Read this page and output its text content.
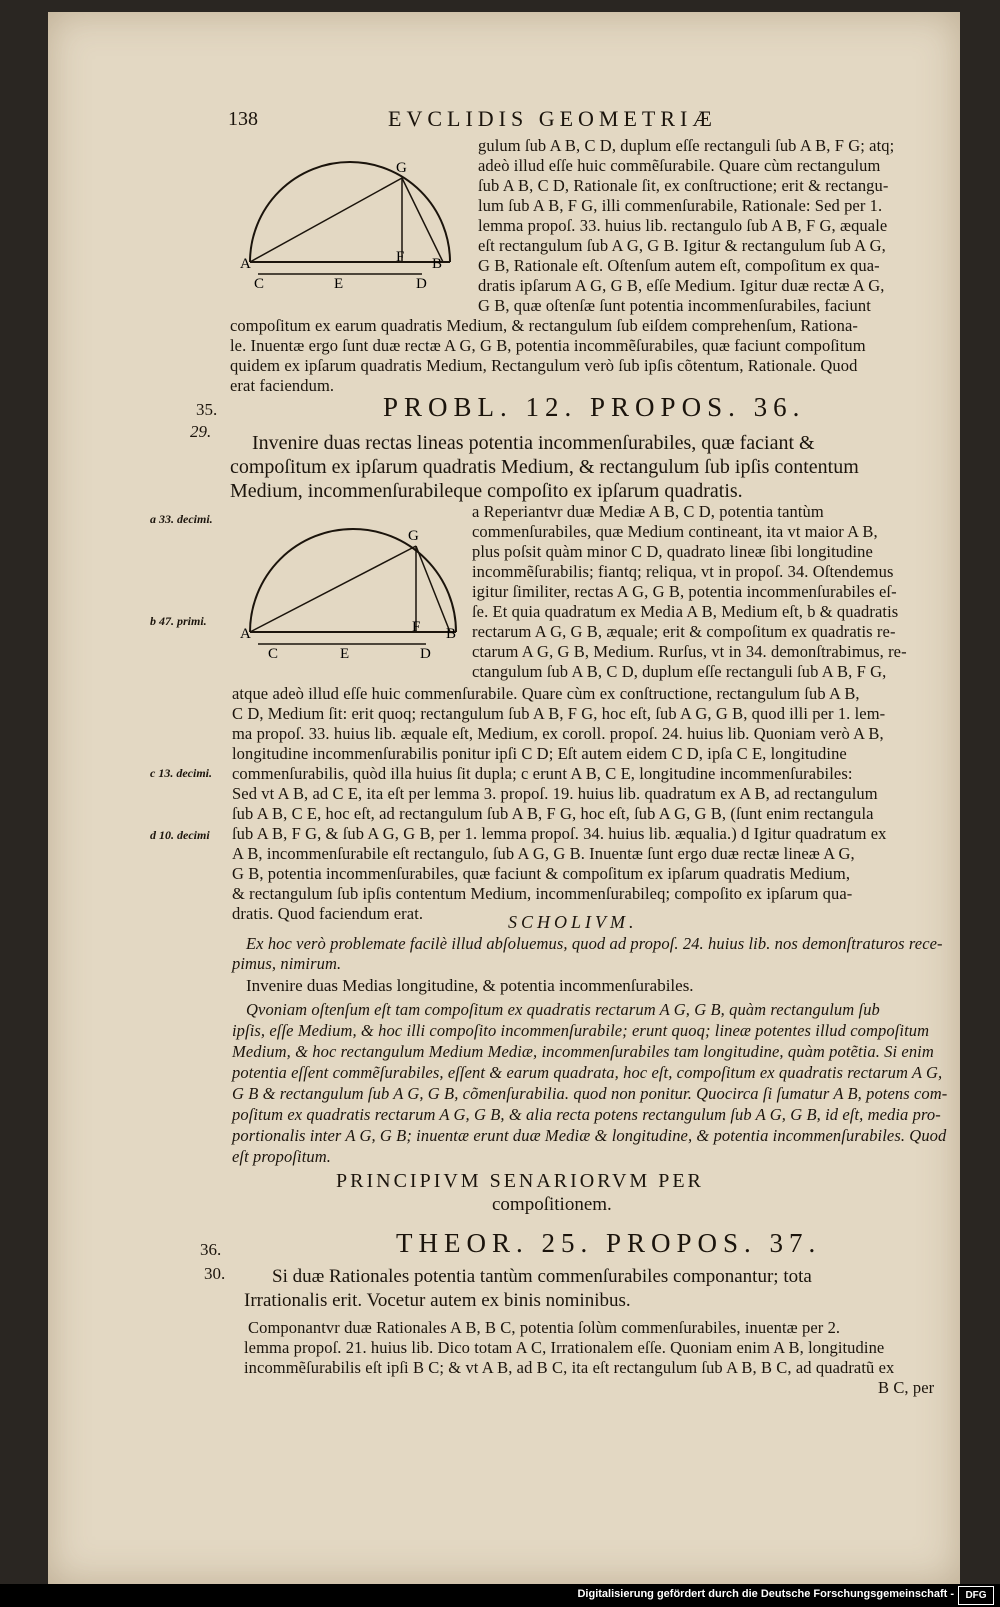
138	EVCLIDIS GEOMETRIÆ
G
A	F B
C	E	D
gulum ſub A B, C D, duplum eſſe rectanguli ſub A B, F G; atq;
adeò illud eſſe huic commẽſurabile. Quare cùm rectangulum
ſub A B, C D, Rationale ſit, ex conſtructione; erit & rectangu-
lum ſub A B, F G, illi commenſurabile, Rationale: Sed per 1.
lemma propoſ. 33. huius lib. rectangulo ſub A B, F G, æquale
eſt rectangulum ſub A G, G B. Igitur & rectangulum ſub A G,
G B, Rationale eſt. Oſtenſum autem eſt, compoſitum ex qua-
dratis ipſarum A G, G B, eſſe Medium. Igitur duæ rectæ A G,
G B, quæ oſtenſæ ſunt potentia incommenſurabiles, faciunt
compoſitum ex earum quadratis Medium, & rectangulum ſub eiſdem comprehenſum, Rationa-
le. Inuentæ ergo ſunt duæ rectæ A G, G B, potentia incommẽſurabiles, quæ faciunt compoſitum
quidem ex ipſarum quadratis Medium, Rectangulum verò ſub ipſis cõtentum, Rationale. Quod
erat faciendum.
35.
29.
PROBL. 12. PROPOS. 36.
Invenire duas rectas lineas potentia incommenſurabiles, quæ faciant &
compoſitum ex ipſarum quadratis Medium, & rectangulum ſub ipſis contentum
Medium, incommenſurabileque compoſito ex ipſarum quadratis.
a 33. decimi.
b 47. primi.
c 13. decimi.
d 10. decimi
G
A	F B
C	E	D
a Reperiantvr duæ Mediæ A B, C D, potentia tantùm
commenſurabiles, quæ Medium contineant, ita vt maior A B,
plus poſsit quàm minor C D, quadrato lineæ ſibi longitudine
incommẽſurabilis; fiantq; reliqua, vt in propoſ. 34. Oſtendemus
igitur ſimiliter, rectas A G, G B, potentia incommenſurabiles eſ-
ſe. Et quia quadratum ex Media A B, Medium eſt, b & quadratis
rectarum A G, G B, æquale; erit & compoſitum ex quadratis re-
ctarum A G, G B, Medium. Rurſus, vt in 34. demonſtrabimus, re-
ctangulum ſub A B, C D, duplum eſſe rectanguli ſub A B, F G,
atque adeò illud eſſe huic commenſurabile. Quare cùm ex conſtructione, rectangulum ſub A B,
C D, Medium ſit: erit quoq; rectangulum ſub A B, F G, hoc eſt, ſub A G, G B, quod illi per 1. lem-
ma propoſ. 33. huius lib. æquale eſt, Medium, ex coroll. propoſ. 24. huius lib. Quoniam verò A B,
longitudine incommenſurabilis ponitur ipſi C D; Eſt autem eidem C D, ipſa C E, longitudine
commenſurabilis, quòd illa huius ſit dupla; c erunt A B, C E, longitudine incommenſurabiles:
Sed vt A B, ad C E, ita eſt per lemma 3. propoſ. 19. huius lib. quadratum ex A B, ad rectangulum
ſub A B, C E, hoc eſt, ad rectangulum ſub A B, F G, hoc eſt, ſub A G, G B, (ſunt enim rectangula
ſub A B, F G, & ſub A G, G B, per 1. lemma propoſ. 34. huius lib. æqualia.) d Igitur quadratum ex
A B, incommenſurabile eſt rectangulo, ſub A G, G B. Inuentæ ſunt ergo duæ rectæ lineæ A G,
G B, potentia incommenſurabiles, quæ faciunt & compoſitum ex ipſarum quadratis Medium,
& rectangulum ſub ipſis contentum Medium, incommenſurabileq; compoſito ex ipſarum qua-
dratis. Quod faciendum erat.	SCHOLIVM.
Ex hoc verò problemate facilè illud abſoluemus, quod ad propoſ. 24. huius lib. nos demonſtraturos rece-
pimus, nimirum.
Invenire duas Medias longitudine, & potentia incommenſurabiles.
Qvoniam oſtenſum eſt tam compoſitum ex quadratis rectarum A G, G B, quàm rectangulum ſub
ipſis, eſſe Medium, & hoc illi compoſito incommenſurabile; erunt quoq; lineæ potentes illud compoſitum
Medium, & hoc rectangulum Medium Mediæ, incommenſurabiles tam longitudine, quàm potẽtia. Si enim
potentia eſſent commẽſurabiles, eſſent & earum quadrata, hoc eſt, compoſitum ex quadratis rectarum A G,
G B & rectangulum ſub A G, G B, cõmenſurabilia. quod non ponitur. Quocirca ſi ſumatur A B, potens com-
poſitum ex quadratis rectarum A G, G B, & alia recta potens rectangulum ſub A G, G B, id eſt, media pro-
portionalis inter A G, G B; inuentæ erunt duæ Mediæ & longitudine, & potentia incommenſurabiles. Quod
eſt propoſitum.
PRINCIPIVM SENARIORVM PER
compoſitionem.
36.
30.
THEOR. 25. PROPOS. 37.
Si duæ Rationales potentia tantùm commenſurabiles componantur; tota
Irrationalis erit. Vocetur autem ex binis nominibus.
Componantvr duæ Rationales A B, B C, potentia ſolùm commenſurabiles, inuentæ per 2.
lemma propoſ. 21. huius lib. Dico totam A C, Irrationalem eſſe. Quoniam enim A B, longitudine
incommẽſurabilis eſt ipſi B C; & vt A B, ad B C, ita eſt rectangulum ſub A B, B C, ad quadratũ ex
B C, per
Digitalisierung gefördert durch die Deutsche Forschungsgemeinschaft -	DFG
